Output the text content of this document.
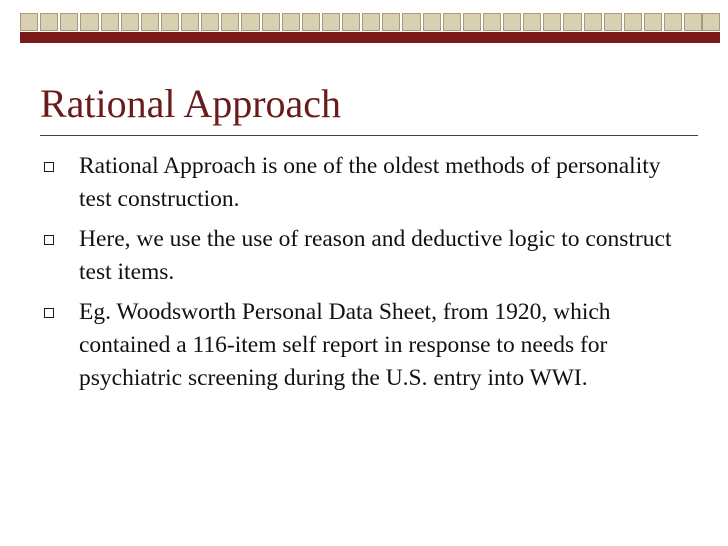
Rational Approach
Rational Approach is one of the oldest methods of personality test construction.
Here, we use the use of reason and deductive logic to construct test items.
Eg. Woodsworth Personal Data Sheet, from 1920, which contained a 116-item self report in response to needs for psychiatric screening during the U.S. entry into WWI.
